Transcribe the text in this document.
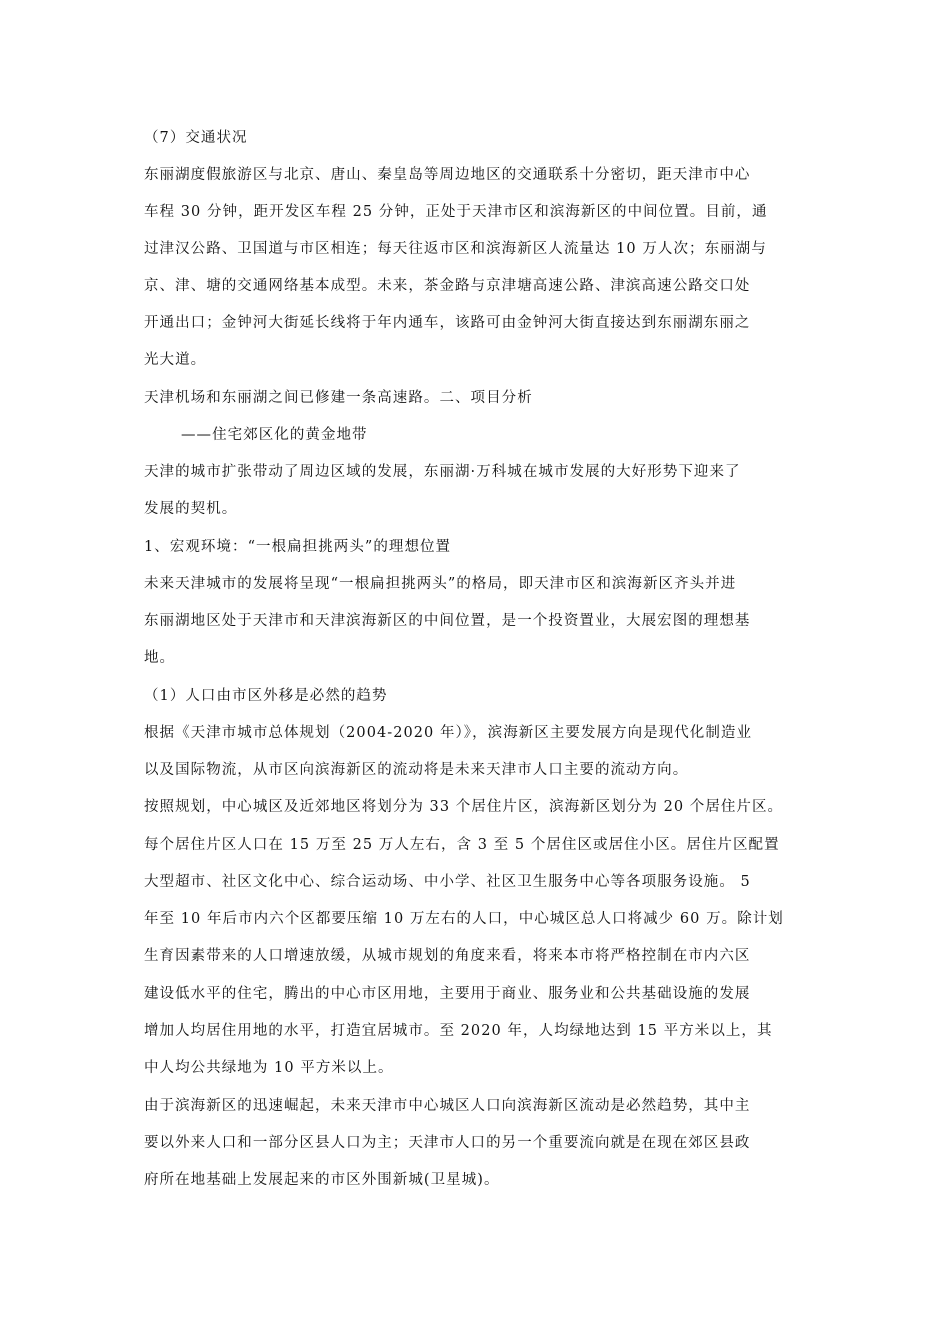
（7）交通状况
东丽湖度假旅游区与北京、唐山、秦皇岛等周边地区的交通联系十分密切，距天津市中心
车程 30 分钟，距开发区车程 25 分钟，正处于天津市区和滨海新区的中间位置。目前，通
过津汉公路、卫国道与市区相连；每天往返市区和滨海新区人流量达 10 万人次；东丽湖与
京、津、塘的交通网络基本成型。未来，茶金路与京津塘高速公路、津滨高速公路交口处
开通出口；金钟河大街延长线将于年内通车，该路可由金钟河大街直接达到东丽湖东丽之
光大道。
天津机场和东丽湖之间已修建一条高速路。二、项目分析
——住宅郊区化的黄金地带
天津的城市扩张带动了周边区域的发展，东丽湖·万科城在城市发展的大好形势下迎来了
发展的契机。
1、宏观环境：“一根扁担挑两头”的理想位置
未来天津城市的发展将呈现“一根扁担挑两头”的格局，即天津市区和滨海新区齐头并进
东丽湖地区处于天津市和天津滨海新区的中间位置，是一个投资置业，大展宏图的理想基
地。
（1）人口由市区外移是必然的趋势
根据《天津市城市总体规划（2004-2020 年）》，滨海新区主要发展方向是现代化制造业
以及国际物流，从市区向滨海新区的流动将是未来天津市人口主要的流动方向。
按照规划，中心城区及近郊地区将划分为 33 个居住片区，滨海新区划分为 20 个居住片区。
每个居住片区人口在 15 万至 25 万人左右，含 3 至 5 个居住区或居住小区。居住片区配置
大型超市、社区文化中心、综合运动场、中小学、社区卫生服务中心等各项服务设施。 5
年至 10 年后市内六个区都要压缩 10 万左右的人口，中心城区总人口将减少 60 万。除计划
生育因素带来的人口增速放缓，从城市规划的角度来看，将来本市将严格控制在市内六区
建设低水平的住宅，腾出的中心市区用地，主要用于商业、服务业和公共基础设施的发展
增加人均居住用地的水平，打造宜居城市。至 2020 年，人均绿地达到 15 平方米以上，其
中人均公共绿地为 10 平方米以上。
由于滨海新区的迅速崛起，未来天津市中心城区人口向滨海新区流动是必然趋势，其中主
要以外来人口和一部分区县人口为主；天津市人口的另一个重要流向就是在现在郊区县政
府所在地基础上发展起来的市区外围新城(卫星城)。
